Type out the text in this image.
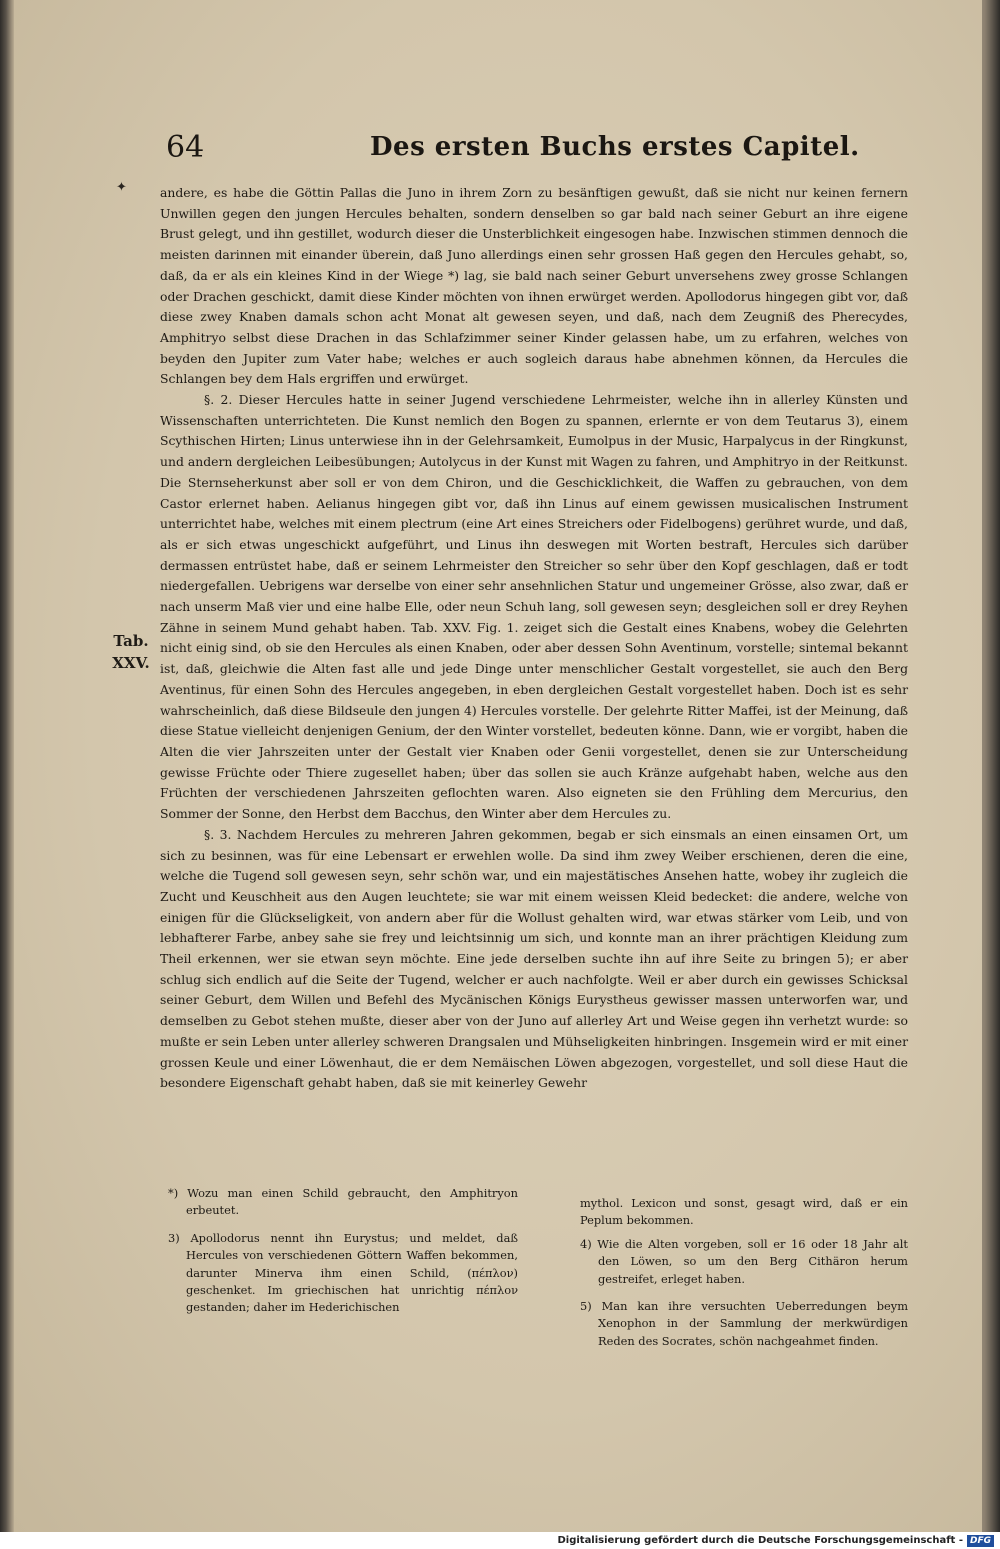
64	Des ersten Buchs erstes Capitel.
✦
Tab.
XXV.

andere, es habe die Göttin Pallas die Juno in ihrem Zorn zu besänftigen gewußt, daß sie nicht nur keinen fernern Unwillen gegen den jungen Hercules behalten, sondern denselben so gar bald nach seiner Geburt an ihre eigene Brust gelegt, und ihn gestillet, wodurch dieser die Unsterblichkeit eingesogen habe. Inzwischen stimmen dennoch die meisten darinnen mit einander überein, daß Juno allerdings einen sehr grossen Haß gegen den Hercules gehabt, so, daß, da er als ein kleines Kind in der Wiege *) lag, sie bald nach seiner Geburt unversehens zwey grosse Schlangen oder Drachen geschickt, damit diese Kinder möchten von ihnen erwürget werden. Apollodorus hingegen gibt vor, daß diese zwey Knaben damals schon acht Monat alt gewesen seyen, und daß, nach dem Zeugniß des Pherecydes, Amphitryo selbst diese Drachen in das Schlafzimmer seiner Kinder gelassen habe, um zu erfahren, welches von beyden den Jupiter zum Vater habe; welches er auch sogleich daraus habe abnehmen können, da Hercules die Schlangen bey dem Hals ergriffen und erwürget.

§. 2. Dieser Hercules hatte in seiner Jugend verschiedene Lehrmeister, welche ihn in allerley Künsten und Wissenschaften unterrichteten. Die Kunst nemlich den Bogen zu spannen, erlernte er von dem Teutarus 3), einem Scythischen Hirten; Linus unterwiese ihn in der Gelehrsamkeit, Eumolpus in der Music, Harpalycus in der Ringkunst, und andern dergleichen Leibesübungen; Autolycus in der Kunst mit Wagen zu fahren, und Amphitryo in der Reitkunst. Die Sternseherkunst aber soll er von dem Chiron, und die Geschicklichkeit, die Waffen zu gebrauchen, von dem Castor erlernet haben. Aelianus hingegen gibt vor, daß ihn Linus auf einem gewissen musicalischen Instrument unterrichtet habe, welches mit einem plectrum (eine Art eines Streichers oder Fidelbogens) gerühret wurde, und daß, als er sich etwas ungeschickt aufgeführt, und Linus ihn deswegen mit Worten bestraft, Hercules sich darüber dermassen entrüstet habe, daß er seinem Lehrmeister den Streicher so sehr über den Kopf geschlagen, daß er todt niedergefallen. Uebrigens war derselbe von einer sehr ansehnlichen Statur und ungemeiner Grösse, also zwar, daß er nach unserm Maß vier und eine halbe Elle, oder neun Schuh lang, soll gewesen seyn; desgleichen soll er drey Reyhen Zähne in seinem Mund gehabt haben. Tab. XXV. Fig. 1. zeiget sich die Gestalt eines Knabens, wobey die Gelehrten nicht einig sind, ob sie den Hercules als einen Knaben, oder aber dessen Sohn Aventinum, vorstelle; sintemal bekannt ist, daß, gleichwie die Alten fast alle und jede Dinge unter menschlicher Gestalt vorgestellet, sie auch den Berg Aventinus, für einen Sohn des Hercules angegeben, in eben dergleichen Gestalt vorgestellet haben. Doch ist es sehr wahrscheinlich, daß diese Bildseule den jungen 4) Hercules vorstelle. Der gelehrte Ritter Maffei, ist der Meinung, daß diese Statue vielleicht denjenigen Genium, der den Winter vorstellet, bedeuten könne. Dann, wie er vorgibt, haben die Alten die vier Jahrszeiten unter der Gestalt vier Knaben oder Genii vorgestellet, denen sie zur Unterscheidung gewisse Früchte oder Thiere zugesellet haben; über das sollen sie auch Kränze aufgehabt haben, welche aus den Früchten der verschiedenen Jahrszeiten geflochten waren. Also eigneten sie den Frühling dem Mercurius, den Sommer der Sonne, den Herbst dem Bacchus, den Winter aber dem Hercules zu.

§. 3. Nachdem Hercules zu mehreren Jahren gekommen, begab er sich einsmals an einen einsamen Ort, um sich zu besinnen, was für eine Lebensart er erwehlen wolle. Da sind ihm zwey Weiber erschienen, deren die eine, welche die Tugend soll gewesen seyn, sehr schön war, und ein majestätisches Ansehen hatte, wobey ihr zugleich die Zucht und Keuschheit aus den Augen leuchtete; sie war mit einem weissen Kleid bedecket: die andere, welche von einigen für die Glückseligkeit, von andern aber für die Wollust gehalten wird, war etwas stärker vom Leib, und von lebhafterer Farbe, anbey sahe sie frey und leichtsinnig um sich, und konnte man an ihrer prächtigen Kleidung zum Theil erkennen, wer sie etwan seyn möchte. Eine jede derselben suchte ihn auf ihre Seite zu bringen 5); er aber schlug sich endlich auf die Seite der Tugend, welcher er auch nachfolgte. Weil er aber durch ein gewisses Schicksal seiner Geburt, dem Willen und Befehl des Mycänischen Königs Eurystheus gewisser massen unterworfen war, und demselben zu Gebot stehen mußte, dieser aber von der Juno auf allerley Art und Weise gegen ihn verhetzt wurde: so mußte er sein Leben unter allerley schweren Drangsalen und Mühseligkeiten hinbringen. Insgemein wird er mit einer grossen Keule und einer Löwenhaut, die er dem Nemäischen Löwen abgezogen, vorgestellet, und soll diese Haut die besondere Eigenschaft gehabt haben, daß sie mit keinerley Gewehr

*) Wozu man einen Schild gebraucht, den Amphitryon erbeutet.

3) Apollodorus nennt ihn Eurystus; und meldet, daß Hercules von verschiedenen Göttern Waffen bekommen, darunter Minerva ihm einen Schild, (πέπλον) geschenket. Im griechischen hat unrichtig πέπλον gestanden; daher im Hederichischen

mythol. Lexicon und sonst, gesagt wird, daß er ein Peplum bekommen.

4) Wie die Alten vorgeben, soll er 16 oder 18 Jahr alt den Löwen, so um den Berg Cithäron herum gestreifet, erleget haben.

5) Man kan ihre versuchten Ueberredungen beym Xenophon in der Sammlung der merkwürdigen Reden des Socrates, schön nachgeahmet finden.

Digitalisierung gefördert durch die Deutsche Forschungsgemeinschaft - DFG
